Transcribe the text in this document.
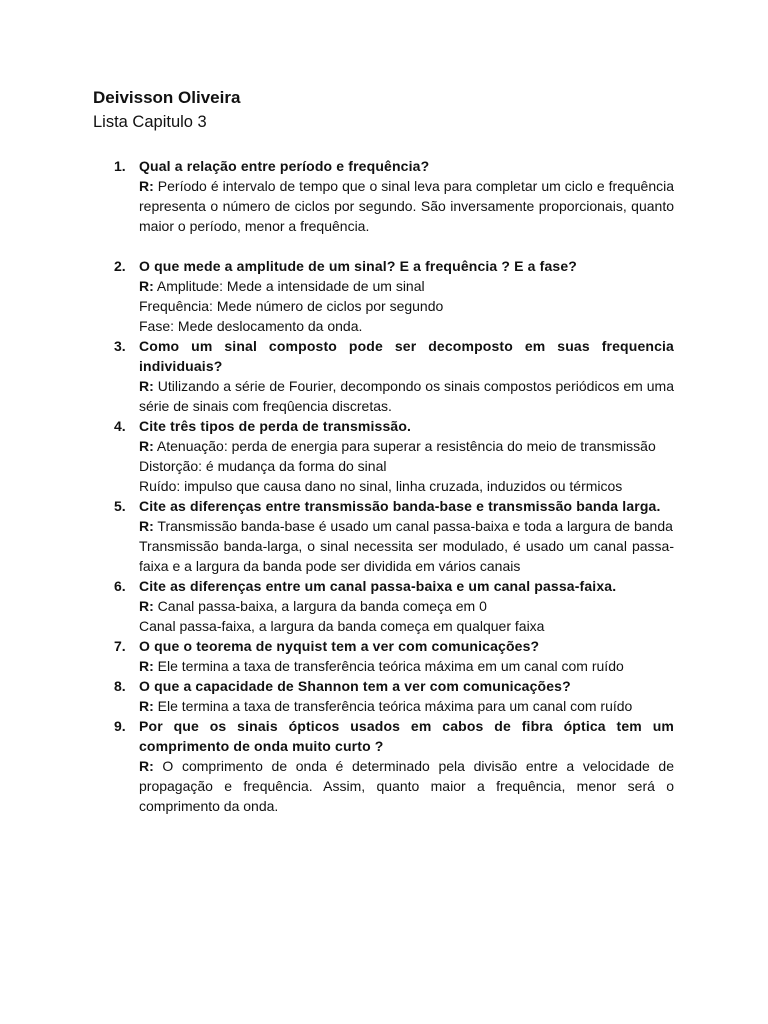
Deivisson Oliveira

Lista Capitulo 3

1. Qual a relação entre período e frequência?

R: Período é intervalo de tempo que o sinal leva para completar um ciclo e frequência representa o número de ciclos por segundo. São inversamente proporcionais, quanto maior o período, menor a frequência.

2. O que mede a amplitude de um sinal? E a frequência ? E a fase?

R: Amplitude: Mede a intensidade de um sinal

Frequência: Mede número de ciclos por segundo

Fase: Mede deslocamento da onda.

3. Como um sinal composto pode ser decomposto em suas frequencia individuais?

R: Utilizando a série de Fourier, decompondo os sinais compostos periódicos em uma série de sinais com freqûencia discretas.

4. Cite três tipos de perda de transmissão.

R: Atenuação: perda de energia para superar a resistência do meio de transmissão

Distorção: é mudança da forma do sinal

Ruído: impulso que causa dano no sinal, linha cruzada, induzidos ou térmicos

5. Cite as diferenças entre transmissão banda-base e transmissão banda larga.

R: Transmissão banda-base é usado um canal passa-baixa e toda a largura de banda

Transmissão banda-larga, o sinal necessita ser modulado, é usado um canal passa-faixa e a largura da banda pode ser dividida em vários canais

6. Cite as diferenças entre um canal passa-baixa e um canal passa-faixa.

R: Canal passa-baixa, a largura da banda começa em 0

Canal passa-faixa, a largura da banda começa em qualquer faixa

7. O que o teorema de nyquist tem a ver com comunicações?

R: Ele termina a taxa de transferência teórica máxima em um canal com ruído

8. O que a capacidade de Shannon tem a ver com comunicações?

R: Ele termina a taxa de transferência teórica máxima para um canal com ruído

9. Por que os sinais ópticos usados em cabos de fibra óptica tem um comprimento de onda muito curto ?

R: O comprimento de onda é determinado pela divisão entre a velocidade de propagação e frequência. Assim, quanto maior a frequência, menor será o comprimento da onda.
